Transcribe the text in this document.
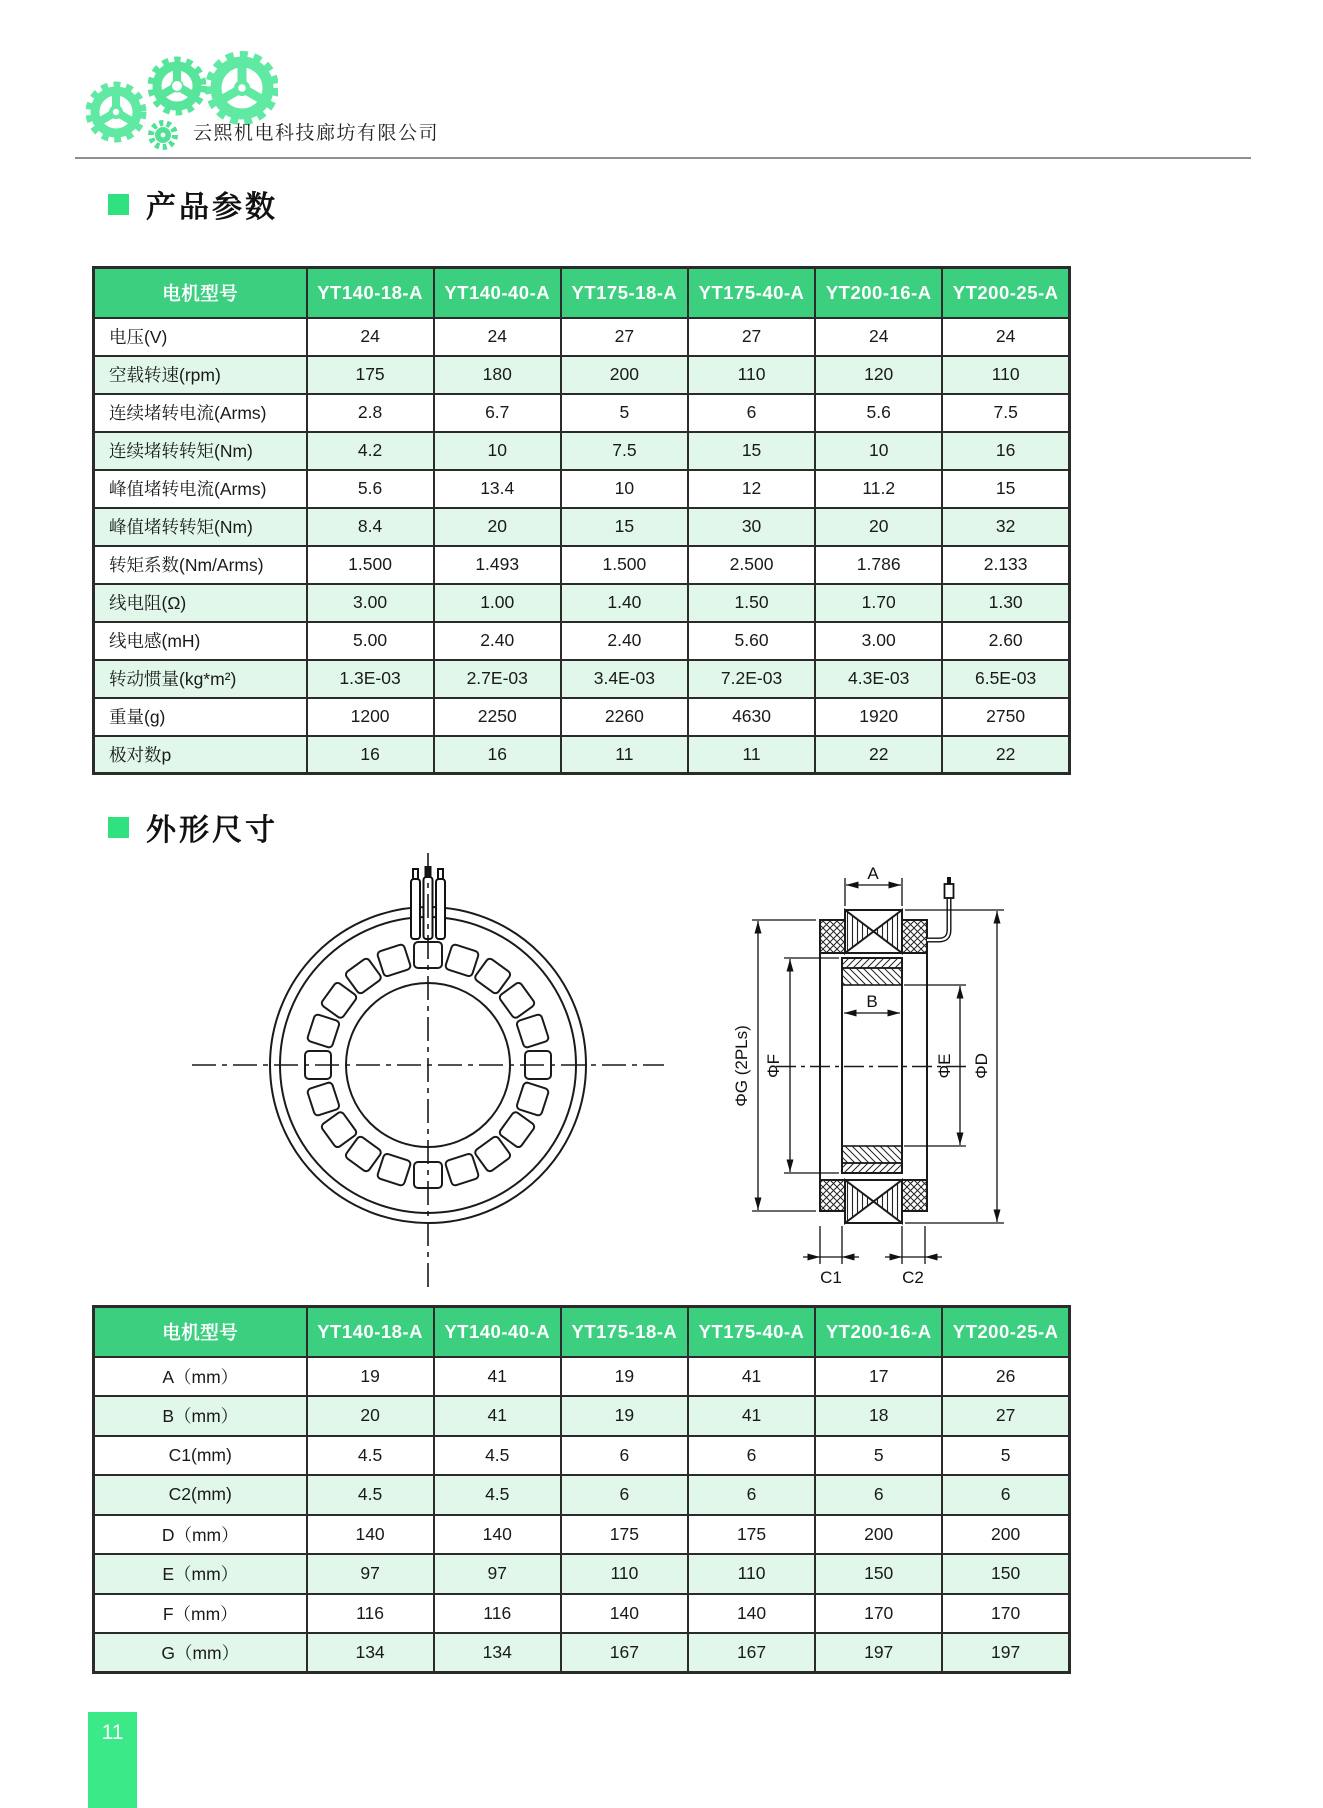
云熙机电科技廊坊有限公司
产品参数
电机型号	YT140-18-A	YT140-40-A	YT175-18-A	YT175-40-A	YT200-16-A	YT200-25-A
电压(V)	24	24	27	27	24	24
空载转速(rpm)	175	180	200	110	120	110
连续堵转电流(Arms)	2.8	6.7	5	6	5.6	7.5
连续堵转转矩(Nm)	4.2	10	7.5	15	10	16
峰值堵转电流(Arms)	5.6	13.4	10	12	11.2	15
峰值堵转转矩(Nm)	8.4	20	15	30	20	32
转矩系数(Nm/Arms)	1.500	1.493	1.500	2.500	1.786	2.133
线电阻(Ω)	3.00	1.00	1.40	1.50	1.70	1.30
线电感(mH)	5.00	2.40	2.40	5.60	3.00	2.60
转动惯量(kg*m²)	1.3E-03	2.7E-03	3.4E-03	7.2E-03	4.3E-03	6.5E-03
重量(g)	1200	2250	2260	4630	1920	2750
极对数p	16	16	11	11	22	22
外形尺寸
A
B
ΦG (2PLs) ΦF	ΦE ΦD
C1	C2
电机型号	YT140-18-A	YT140-40-A	YT175-18-A	YT175-40-A	YT200-16-A	YT200-25-A
A（mm）	19	41	19	41	17	26
B（mm）	20	41	19	41	18	27
C1(mm)	4.5	4.5	6	6	5	5
C2(mm)	4.5	4.5	6	6	6	6
D（mm）	140	140	175	175	200	200
E（mm）	97	97	110	110	150	150
F（mm）	116	116	140	140	170	170
G（mm）	134	134	167	167	197	197
11
